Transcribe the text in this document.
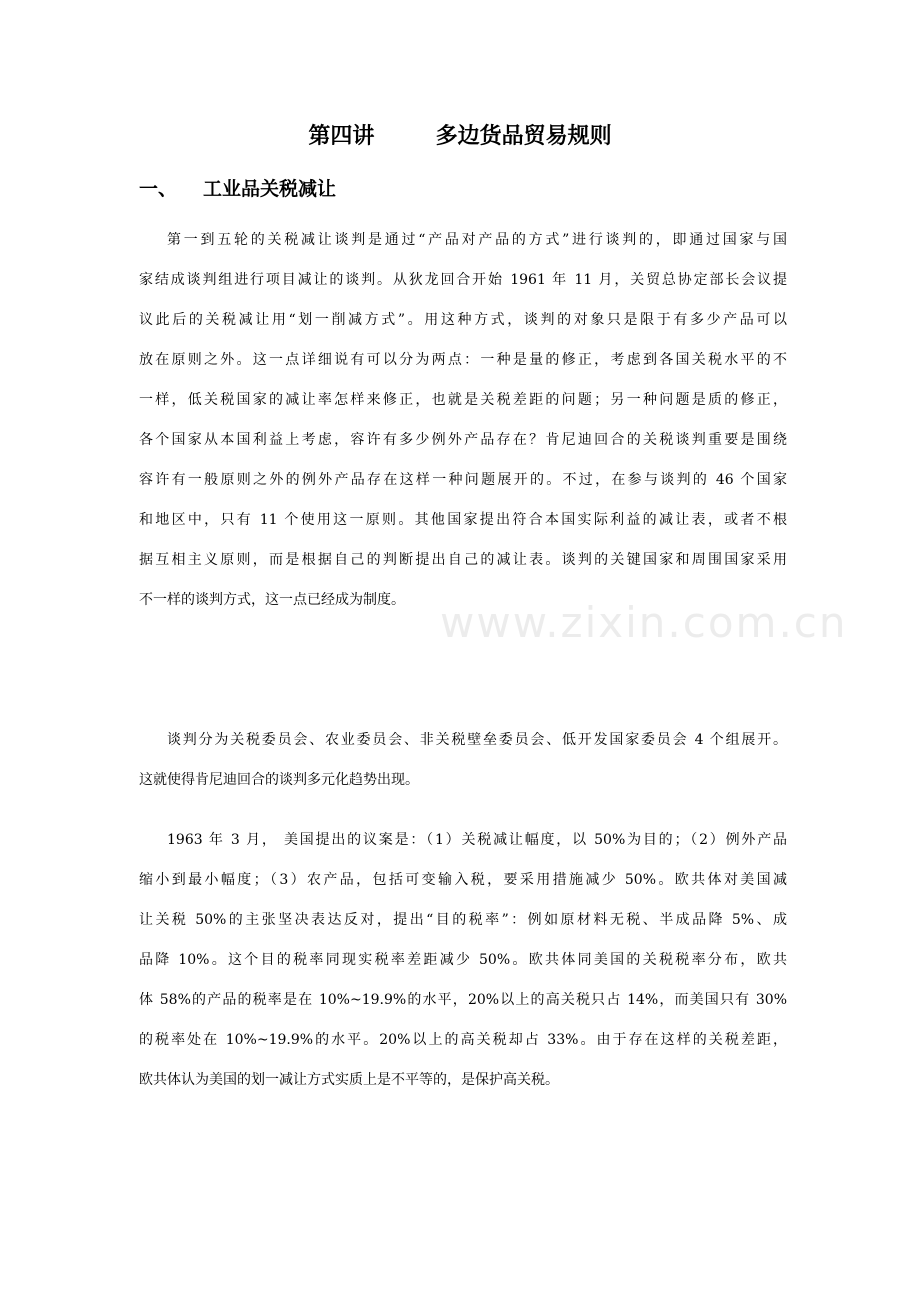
第四讲        多边货品贸易规则
一、 工业品关税减让
www.zixin.com.cn
第一到五轮的关税减让谈判是通过“产品对产品的方式”进行谈判的，即通过国家与国
家结成谈判组进行项目减让的谈判。从狄龙回合开始 1961 年 11 月，关贸总协定部长会议提
议此后的关税减让用“划一削减方式”。用这种方式，谈判的对象只是限于有多少产品可以
放在原则之外。这一点详细说有可以分为两点：一种是量的修正，考虑到各国关税水平的不
一样，低关税国家的减让率怎样来修正，也就是关税差距的问题；另一种问题是质的修正，
各个国家从本国利益上考虑，容许有多少例外产品存在？肯尼迪回合的关税谈判重要是围绕
容许有一般原则之外的例外产品存在这样一种问题展开的。不过，在参与谈判的 46 个国家
和地区中，只有 11 个使用这一原则。其他国家提出符合本国实际利益的减让表，或者不根
据互相主义原则，而是根据自己的判断提出自己的减让表。谈判的关键国家和周围国家采用
不一样的谈判方式，这一点已经成为制度。
谈判分为关税委员会、农业委员会、非关税壁垒委员会、低开发国家委员会 4 个组展开。
这就使得肯尼迪回合的谈判多元化趋势出现。
1963 年 3 月， 美国提出的议案是：（1）关税减让幅度，以 50%为目的；（2）例外产品
缩小到最小幅度；（3）农产品，包括可变输入税，要采用措施减少 50%。欧共体对美国减
让关税 50%的主张坚决表达反对，提出“目的税率”：例如原材料无税、半成品降 5%、成
品降 10%。这个目的税率同现实税率差距减少 50%。欧共体同美国的关税税率分布，欧共
体 58%的产品的税率是在 10%~19.9%的水平，20%以上的高关税只占 14%，而美国只有 30%
的税率处在 10%~19.9%的水平。20%以上的高关税却占 33%。由于存在这样的关税差距，
欧共体认为美国的划一减让方式实质上是不平等的，是保护高关税。
